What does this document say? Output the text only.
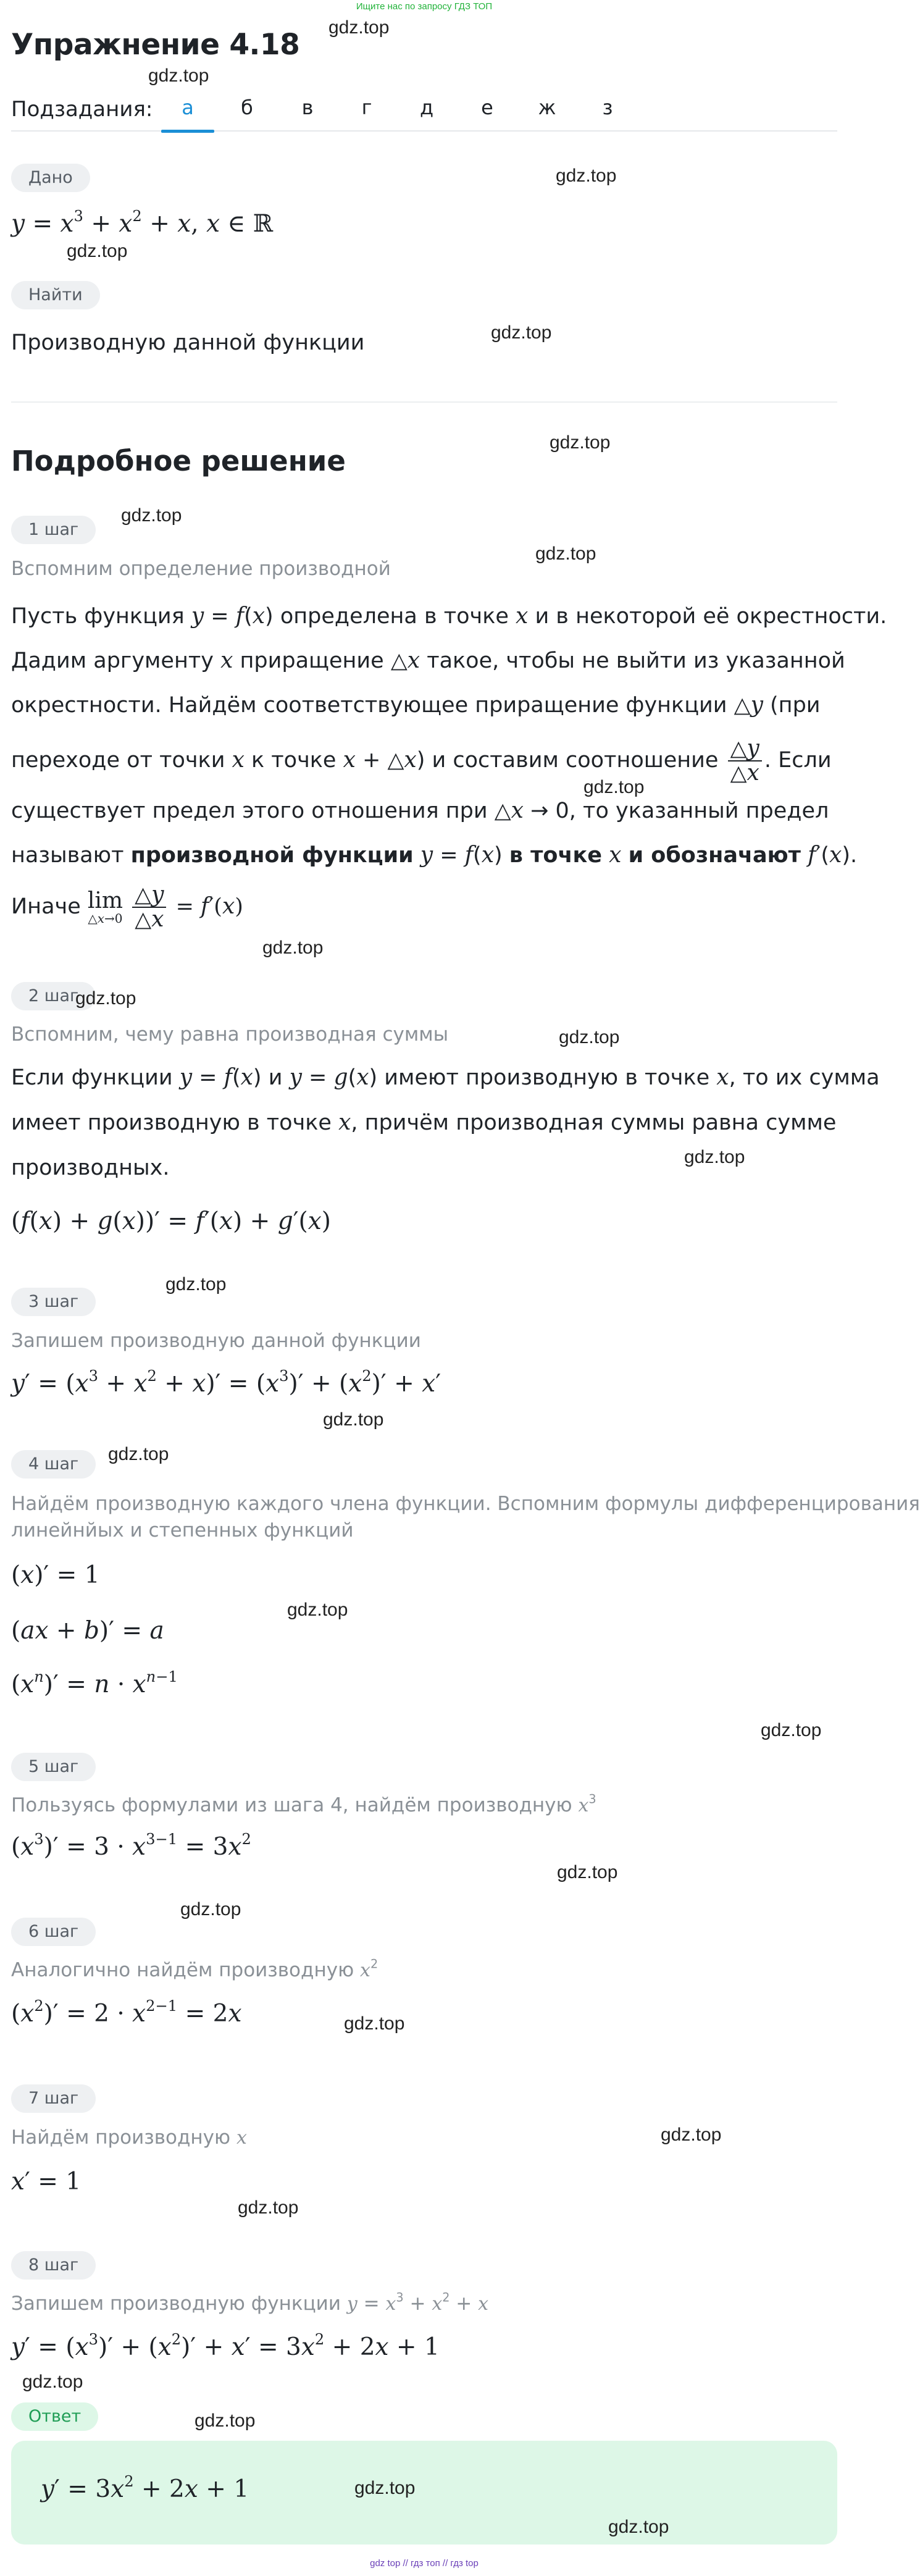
Ищите нас по запросу ГДЗ ТОП
Упражнение 4.18
Подзадания:	а	б	в	г	д	е	ж	з
Дано
$y = x^3 + x^2 + x$, x ∈ ℝ
Найти
Производную данной функции
Подробное решение
1 шаг
Вспомним определение производной
Пусть функция y = f(x) определена в точке x и в некоторой её окрестности.
Дадим аргументу x приращение △x такое, чтобы не выйти из указанной
окрестности. Найдём соответствующее приращение функции △y (при
переходе от точки x к точке x + △x) и составим соотношение $\frac{\triangle y}{\triangle x}$ . Если
существует предел этого отношения при △x → 0, то указанный предел
называют производной функции y = f(x) в точке x и обозначают f′(x).
Иначе lim
△x→0
$\frac{\triangle y}{\triangle x} = f'(x)$
2 шаг
Вспомним, чему равна производная суммы
Если функции y = f(x) и y = g(x) имеют производную в точке x, то их сумма
имеет производную в точке x, причём производная суммы равна сумме
производных.
(f(x) + g(x))′ = f′(x) + g′(x)
3 шаг
Запишем производную данной функции
$y' = (x^3 + x^2 + x)' = (x^3)' + (x^2)' + x'$
4 шаг
Найдём производную каждого члена функции. Вспомним формулы дифференцирования
линейнйых и степенных функций
(x)′ = 1
(ax + b)′ = a
$(x^n)' = n \cdot x^{n-1}$
5 шаг
Пользуясь формулами из шага 4, найдём производную $x^3$
$(x^3)' = 3 \cdot x^{3-1} = 3x^2$
6 шаг
Аналогично найдём производную $x^2$
$(x^2)' = 2 \cdot x^{2-1} = 2x$
7 шаг
Найдём производную x
x′ = 1
8 шаг
Запишем производную функции $y = x^3 + x^2 + x$
$y' = (x^3)' + (x^2)' + x' = 3x^2 + 2x + 1$
Ответ
$y' = 3x^2 + 2x + 1$
gdz.top
gdz.top
gdz.top
gdz.top
gdz.top
gdz.top
gdz.top
gdz.top
gdz.top
gdz.top
gdz.top
gdz.top
gdz.top
gdz.top
gdz.top
gdz.top
gdz.top
gdz.top
gdz.top
gdz.top
gdz.top
gdz.top
gdz.top
gdz.top
gdz.top
gdz.top
gdz.top
gdz top // гдз топ // гдз top
